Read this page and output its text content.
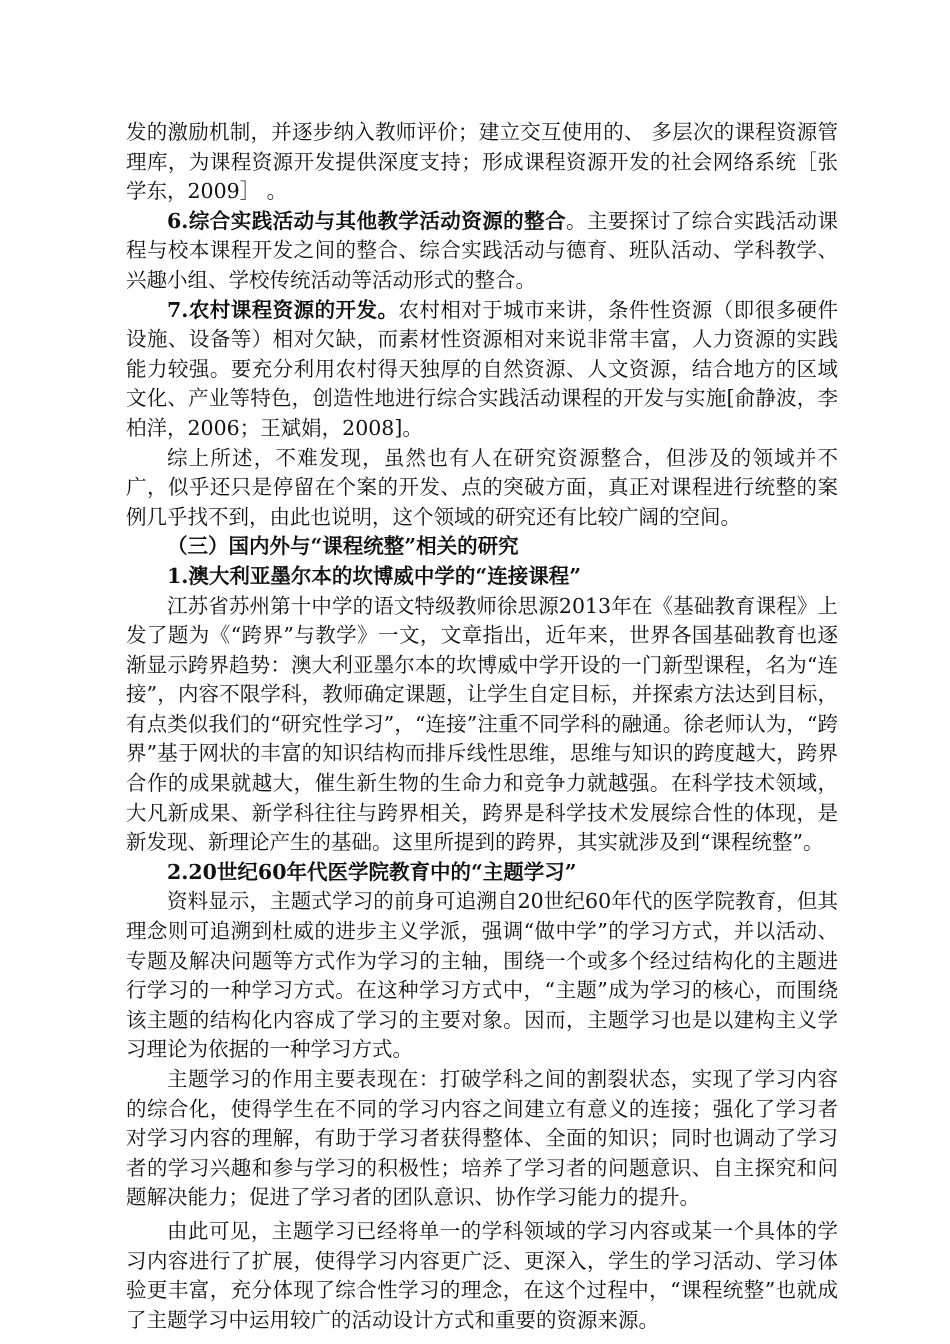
发的激励机制，并逐步纳入教师评价；建立交互使用的、 多层次的课程资源管理库，为课程资源开发提供深度支持；形成课程资源开发的社会网络系统［张学东，2009］ 。

6.综合实践活动与其他教学活动资源的整合。主要探讨了综合实践活动课程与校本课程开发之间的整合、综合实践活动与德育、班队活动、学科教学、兴趣小组、学校传统活动等活动形式的整合。

7.农村课程资源的开发。农村相对于城市来讲，条件性资源（即很多硬件设施、设备等）相对欠缺，而素材性资源相对来说非常丰富，人力资源的实践能力较强。要充分利用农村得天独厚的自然资源、人文资源，结合地方的区域文化、产业等特色，创造性地进行综合实践活动课程的开发与实施[俞静波，李柏洋，2006；王斌娟，2008]。

综上所述，不难发现，虽然也有人在研究资源整合，但涉及的领域并不广，似乎还只是停留在个案的开发、点的突破方面，真正对课程进行统整的案例几乎找不到，由此也说明，这个领域的研究还有比较广阔的空间。

（三）国内外与“课程统整”相关的研究

1.澳大利亚墨尔本的坎博威中学的“连接课程”

江苏省苏州第十中学的语文特级教师徐思源2013年在《基础教育课程》上发了题为《“跨界”与教学》一文，文章指出，近年来，世界各国基础教育也逐渐显示跨界趋势：澳大利亚墨尔本的坎博威中学开设的一门新型课程，名为“连接”，内容不限学科，教师确定课题，让学生自定目标，并探索方法达到目标，有点类似我们的“研究性学习”，“连接”注重不同学科的融通。徐老师认为，“跨界”基于网状的丰富的知识结构而排斥线性思维，思维与知识的跨度越大，跨界合作的成果就越大，催生新生物的生命力和竞争力就越强。在科学技术领域，大凡新成果、新学科往往与跨界相关，跨界是科学技术发展综合性的体现，是新发现、新理论产生的基础。这里所提到的跨界，其实就涉及到“课程统整”。

2.20世纪60年代医学院教育中的“主题学习”

资料显示，主题式学习的前身可追溯自20世纪60年代的医学院教育，但其理念则可追溯到杜威的进步主义学派，强调“做中学”的学习方式，并以活动、专题及解决问题等方式作为学习的主轴，围绕一个或多个经过结构化的主题进行学习的一种学习方式。在这种学习方式中，“主题”成为学习的核心，而围绕该主题的结构化内容成了学习的主要对象。因而，主题学习也是以建构主义学习理论为依据的一种学习方式。

主题学习的作用主要表现在：打破学科之间的割裂状态，实现了学习内容的综合化，使得学生在不同的学习内容之间建立有意义的连接；强化了学习者对学习内容的理解，有助于学习者获得整体、全面的知识；同时也调动了学习者的学习兴趣和参与学习的积极性；培养了学习者的问题意识、自主探究和问题解决能力；促进了学习者的团队意识、协作学习能力的提升。

由此可见，主题学习已经将单一的学科领域的学习内容或某一个具体的学习内容进行了扩展，使得学习内容更广泛、更深入，学生的学习活动、学习体验更丰富，充分体现了综合性学习的理念，在这个过程中，“课程统整”也就成了主题学习中运用较广的活动设计方式和重要的资源来源。
